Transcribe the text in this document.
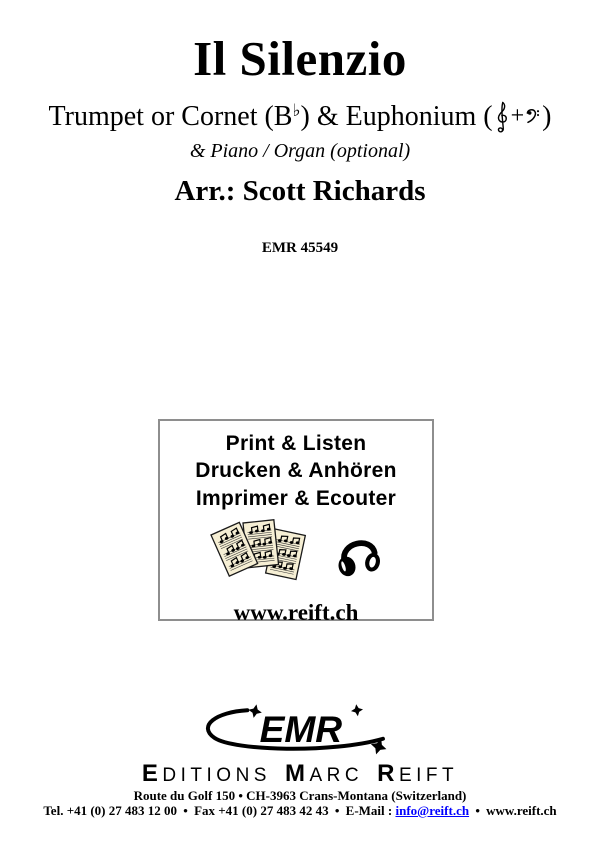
Il Silenzio
Trumpet or Cornet (B♭) & Euphonium ( + )
& Piano / Organ (optional)
Arr.: Scott Richards
EMR 45549
Print & Listen
Drucken & Anhören
Imprimer & Ecouter
www.reift.ch
EMR
EDITIONS MARC REIFT
Route du Golf 150 • CH-3963 Crans-Montana (Switzerland)
Tel. +41 (0) 27 483 12 00 • Fax +41 (0) 27 483 42 43 • E-Mail : info@reift.ch • www.reift.ch
